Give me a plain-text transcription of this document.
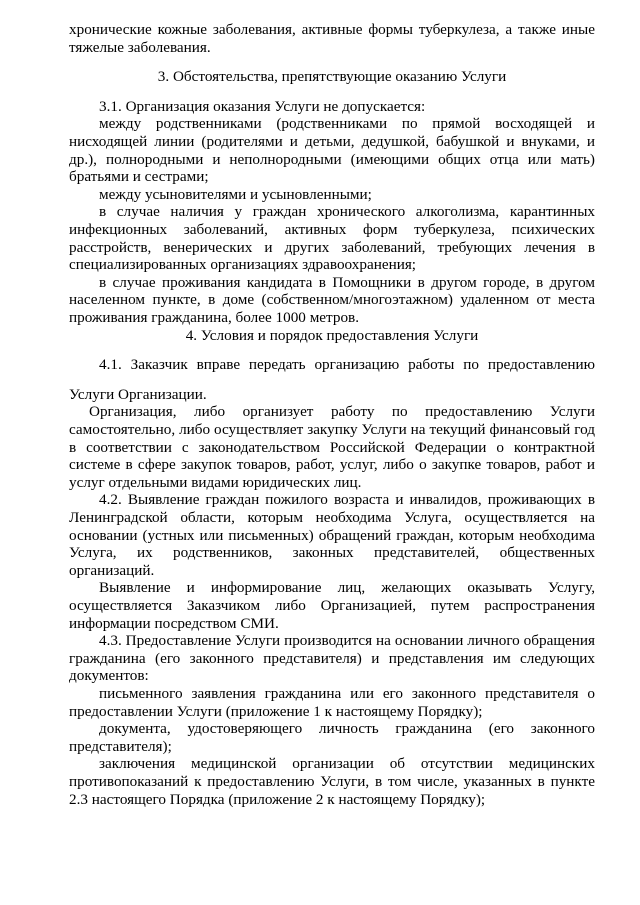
хронические кожные заболевания, активные формы туберкулеза, а также иные
тяжелые заболевания.
3. Обстоятельства, препятствующие оказанию Услуги
3.1. Организация оказания Услуги не допускается:
между родственниками (родственниками по прямой восходящей и
нисходящей линии (родителями и детьми, дедушкой, бабушкой и внуками, и
др.), полнородными и неполнородными (имеющими общих отца или мать)
братьями и сестрами;
между усыновителями и усыновленными;
в случае наличия у граждан хронического алкоголизма, карантинных
инфекционных заболеваний, активных форм туберкулеза, психических
расстройств, венерических и других заболеваний, требующих лечения в
специализированных организациях здравоохранения;
в случае проживания кандидата в Помощники в другом городе, в другом
населенном пункте, в доме (собственном/многоэтажном) удаленном от места
проживания гражданина, более 1000 метров.
4. Условия и порядок предоставления Услуги
4.1. Заказчик вправе передать организацию работы по предоставлению
Услуги Организации.
Организация, либо организует работу по предоставлению Услуги
самостоятельно, либо осуществляет закупку Услуги на текущий финансовый год
в соответствии с законодательством Российской Федерации о контрактной
системе в сфере закупок товаров, работ, услуг, либо о закупке товаров, работ и
услуг отдельными видами юридических лиц.
4.2. Выявление граждан пожилого возраста и инвалидов, проживающих в
Ленинградской области, которым необходима Услуга, осуществляется на
основании (устных или письменных) обращений граждан, которым необходима
Услуга, их родственников, законных представителей, общественных
организаций.
Выявление и информирование лиц, желающих оказывать Услугу,
осуществляется Заказчиком либо Организацией, путем распространения
информации посредством СМИ.
4.3. Предоставление Услуги производится на основании личного обращения
гражданина (его законного представителя) и представления им следующих
документов:
письменного заявления гражданина или его законного представителя о
предоставлении Услуги (приложение 1 к настоящему Порядку);
документа, удостоверяющего личность гражданина (его законного
представителя);
заключения медицинской организации об отсутствии медицинских
противопоказаний к предоставлению Услуги, в том числе, указанных в пункте
2.3 настоящего Порядка (приложение 2 к настоящему Порядку);
